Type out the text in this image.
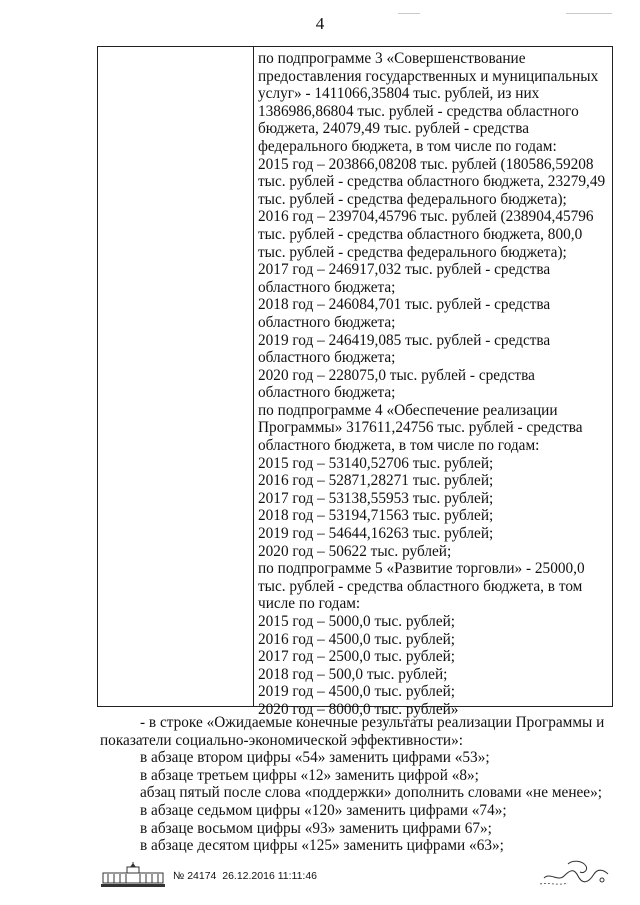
4
по подпрограмме 3 «Совершенствование
предоставления государственных и муниципальных
услуг» - 1411066,35804 тыс. рублей, из них
1386986,86804 тыс. рублей - средства областного
бюджета, 24079,49 тыс. рублей - средства
федерального бюджета, в том числе по годам:
2015 год – 203866,08208 тыс. рублей (180586,59208
тыс. рублей - средства областного бюджета, 23279,49
тыс. рублей - средства федерального бюджета);
2016 год – 239704,45796 тыс. рублей (238904,45796
тыс. рублей - средства областного бюджета, 800,0
тыс. рублей - средства федерального бюджета);
2017 год – 246917,032 тыс. рублей - средства
областного бюджета;
2018 год – 246084,701 тыс. рублей - средства
областного бюджета;
2019 год – 246419,085 тыс. рублей - средства
областного бюджета;
2020 год – 228075,0 тыс. рублей - средства
областного бюджета;
по подпрограмме 4 «Обеспечение реализации
Программы» 317611,24756 тыс. рублей - средства
областного бюджета, в том числе по годам:
2015 год – 53140,52706 тыс. рублей;
2016 год – 52871,28271 тыс. рублей;
2017 год – 53138,55953 тыс. рублей;
2018 год – 53194,71563 тыс. рублей;
2019 год – 54644,16263 тыс. рублей;
2020 год – 50622 тыс. рублей;
по подпрограмме 5 «Развитие торговли» - 25000,0
тыс. рублей - средства областного бюджета, в том
числе по годам:
2015 год – 5000,0 тыс. рублей;
2016 год – 4500,0 тыс. рублей;
2017 год – 2500,0 тыс. рублей;
2018 год – 500,0 тыс. рублей;
2019 год – 4500,0 тыс. рублей;
2020 год – 8000,0 тыс. рублей»
- в строке «Ожидаемые конечные результаты реализации Программы и
показатели социально-экономической эффективности»:
в абзаце втором цифры «54» заменить цифрами «53»;
в абзаце третьем цифры «12» заменить цифрой «8»;
абзац пятый после слова «поддержки» дополнить словами «не менее»;
в абзаце седьмом цифры «120» заменить цифрами «74»;
в абзаце восьмом цифры «93» заменить цифрами 67»;
в абзаце десятом цифры «125» заменить цифрами «63»;
№ 24174 26.12.2016 11:11:46
